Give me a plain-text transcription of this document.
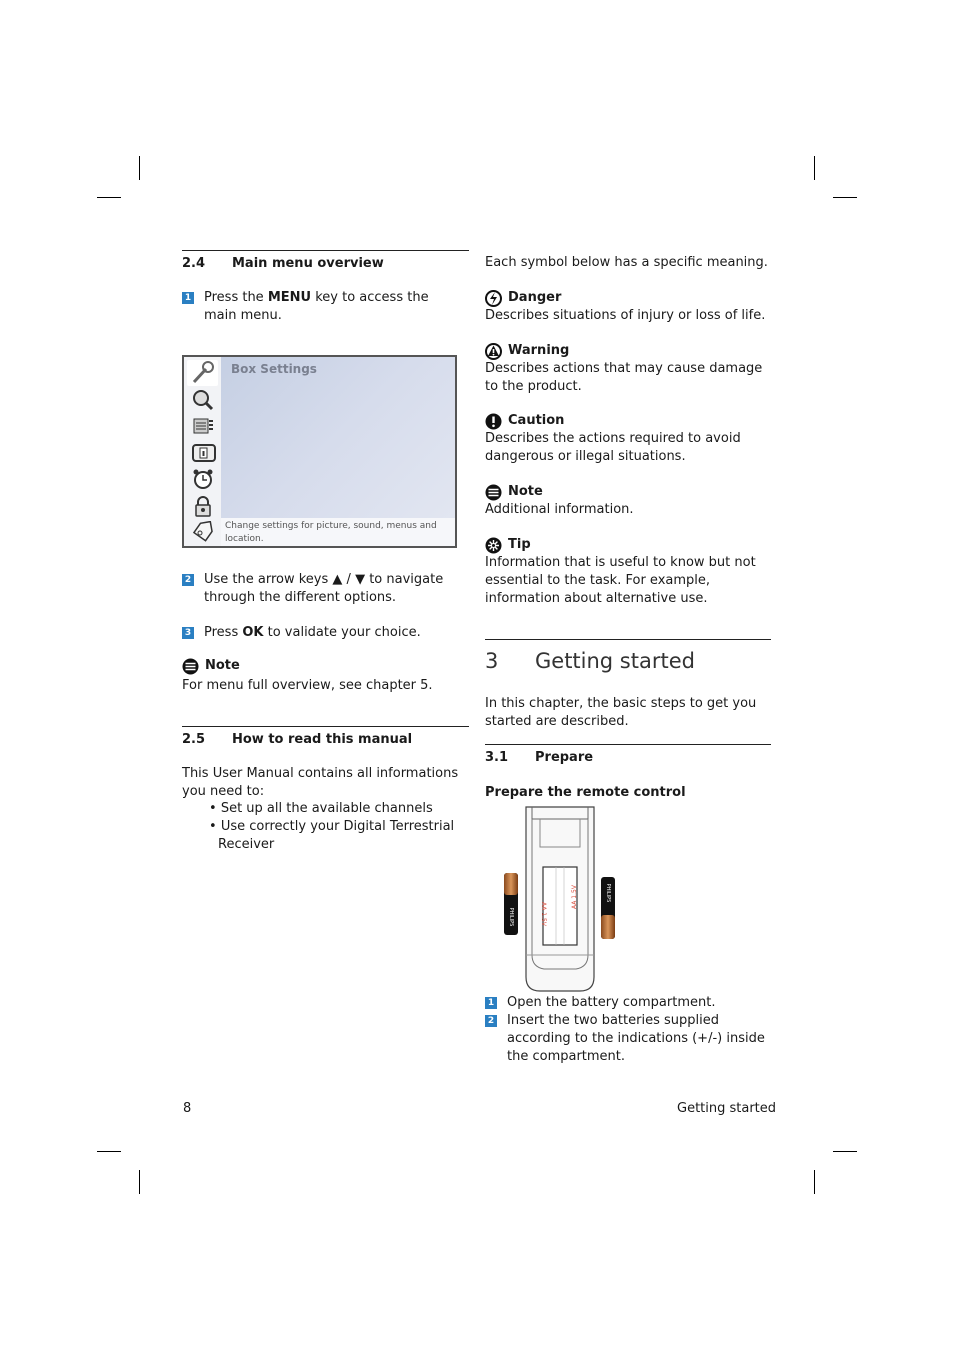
2.4 Main menu overview
1 Press the MENU key to access the main menu.
Box Settings
Change settings for picture, sound, menus and location.
2 Use the arrow keys ▲ / ▼ to navigate through the different options.
3 Press OK to validate your choice.
Note
For menu full overview, see chapter 5.
2.5 How to read this manual
This User Manual contains all informations you need to:
• Set up all the available channels
• Use correctly your Digital Terrestrial Receiver
Each symbol below has a specific meaning.
Danger
Describes situations of injury or loss of life.
Warning
Describes actions that may cause damage to the product.
Caution
Describes the actions required to avoid dangerous or illegal situations.
Note
Additional information.
Tip
Information that is useful to know but not essential to the task. For example, information about alternative use.
3 Getting started
In this chapter, the basic steps to get you started are described.
3.1 Prepare
Prepare the remote control
AA 1.5V
AA 1.5V
PHILIPS
PHILIPS
1 Open the battery compartment.
2 Insert the two batteries supplied according to the indications (+/-) inside the compartment.
8	Getting started
